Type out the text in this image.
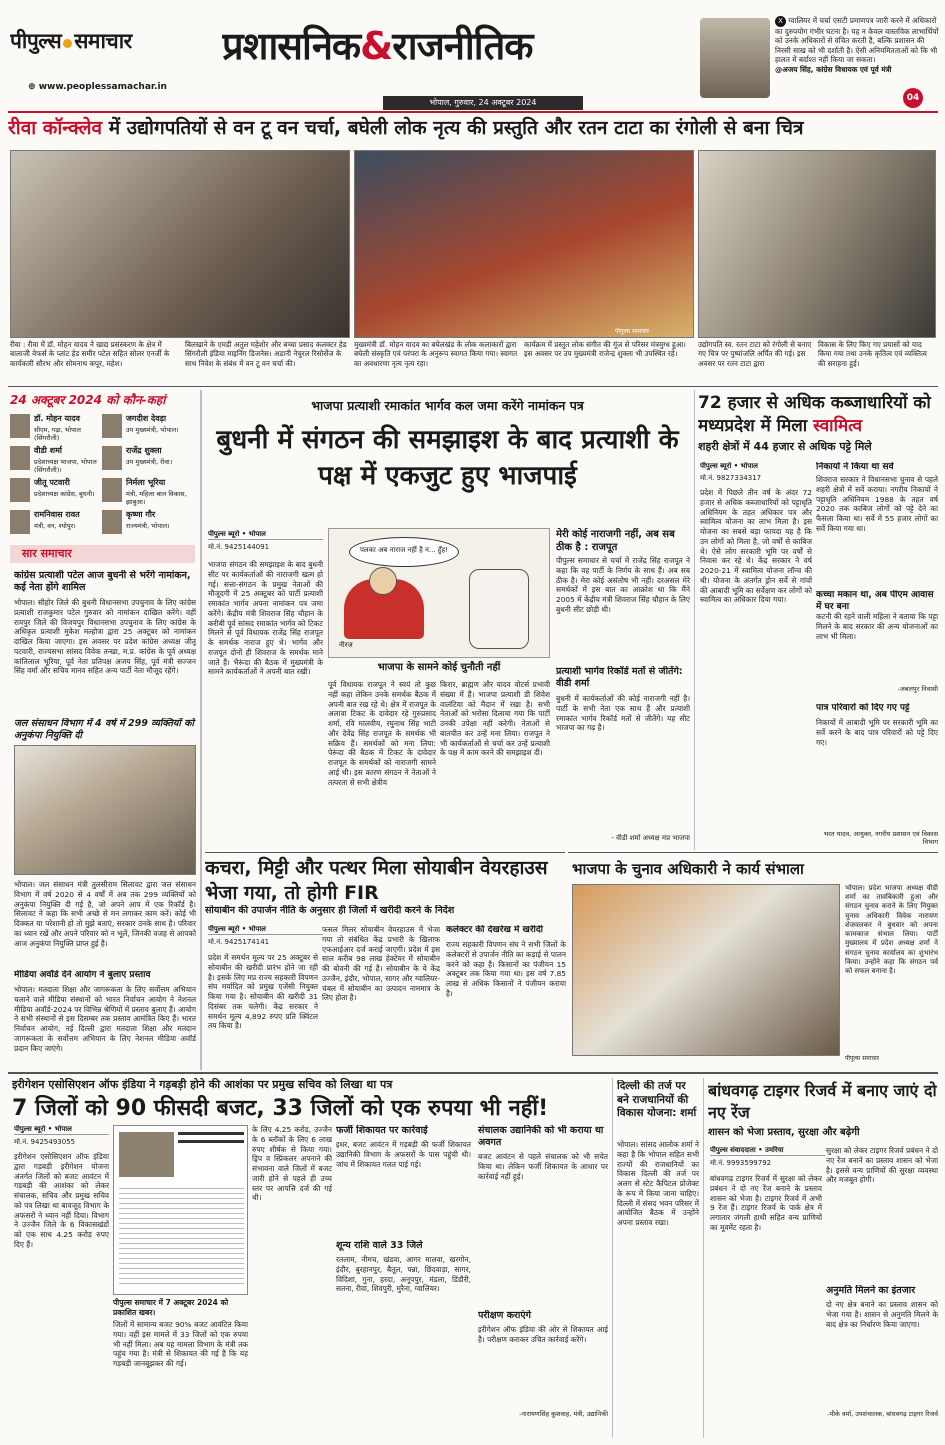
पीपुल्स समाचार
⊕ www.peoplessamachar.in
प्रशासनिक&राजनीतिक
भोपाल, गुरुवार, 24 अक्टूबर 2024
X ग्वालियर में चर्चा एसटी प्रमाणपत्र जारी करने में अधिकारों का दुरुपयोग गंभीर घटना है। यह न केवल वास्तविक लाभार्थियों को उनके अधिकारों से वंचित करती है, बल्कि प्रशासन की निरसी साख को भी दर्शाती है। ऐसी अनियमितताओं को कि भी हालत में बर्दाश्त नहीं किया जा सकता।
@अजय सिंह, कांग्रेस विधायक एवं पूर्व मंत्री
04
रीवा कॉन्क्लेव में उद्योगपतियों से वन टू वन चर्चा, बघेली लोक नृत्य की प्रस्तुति और रतन टाटा का रंगोली से बना चित्र
पीपुल्स समाचार
रीवा : रीवा में डॉ. मोहन यादव ने खाद्य प्रसंस्करण के क्षेत्र में बालाजी वेफर्स के प्लांट हेड समीर पटेल सहित सोलर एनर्जी के कार्यकारी सौरभ और सोमनाथ कपूर, महेश।
बिलखाने के एमडी अतुल महेशोर और बच्चा प्रसाद कलक्टर हेड सिंगरौली इंडिया माइनिंग डिजनेस। अडानी नेचुरल रिसोर्सेज के साथ निवेश के संबंध में वन टू वन चर्चा की।
मुख्यमंत्री डॉ. मोहन यादव का बघेलखंड के लोक कलाकारों द्वारा बघेली संस्कृति एवं परंपरा के अनुरूप स्वागत किया गया। स्वागत का अवधारणा नृत्य नृत्य रहा।
कार्यक्रम में प्रस्तुत लोक संगीत की गूंज से परिसर मंत्रमुग्ध हुआ। इस अवसर पर उप मुख्यमंत्री राजेन्द्र शुक्ला भी उपस्थित रहे।
उद्योगपति स्व. रतन टाटा को रंगोली से बनाए गए चित्र पर पुष्पांजलि अर्पित की गई। इस अवसर पर रतन टाटा द्वारा
विकास के लिए किए गए प्रयासों को याद किया गया तथा उनके कृतित्व एवं व्यक्तित्व की सराहना हुई।
24 अक्टूबर 2024 को कौन-कहां
डॉ. मोहन यादव
सीएम, गढ़ा, भोपाल (सिंगरौली)
जगदीश देवड़ा
उप मुख्यमंत्री, भोपाल।
वीडी शर्मा
प्रदेशाध्यक्ष भाजपा, भोपाल (सिंगरौली)।
राजेंद्र शुक्ला
उप मुख्यमंत्री, रीवा।
जीतू पटवारी
प्रदेशाध्यक्ष कांग्रेस, बुधनी।
निर्मला भूरिया
मंत्री, महिला बाल विकास, झाबुआ।
रामनिवास रावत
मंत्री, वन, श्योपुर।
कृष्णा गौर
राज्यमंत्री, भोपाल।
सार समाचार
कांग्रेस प्रत्याशी पटेल आज बुधनी से भरेंगे नामांकन, कई नेता होंगे शामिल
भोपाल। सीहोर जिले की बुधनी विधानसभा उपचुनाव के लिए कांग्रेस प्रत्याशी राजकुमार पटेल गुरुवार को नामांकन दाखिल करेंगे। वहीं रायपुर जिले की विजयपुर विधानसभा उपचुनाव के लिए कांग्रेस के अधिकृत प्रत्याशी मुकेश मल्होत्रा द्वारा 25 अक्टूबर को नामांकन दाखिल किया जाएगा। इस अवसर पर प्रदेश कांग्रेस अध्यक्ष जीतू पटवारी, राज्यसभा सांसद विवेक तन्खा, म.प्र. कांग्रेस के पूर्व अध्यक्ष कांतिलाल भूरिया, पूर्व नेता प्रतिपक्ष अजय सिंह, पूर्व मंत्री सज्जन सिंह वर्मा और सचिव मानव सहित अन्य पार्टी नेता मौजूद रहेंगे।
जल संसाधन विभाग में 4 वर्ष में 299 व्यक्तियों को अनुकंपा नियुक्ति दी
भोपाल। जल संसाधन मंत्री तुलसीराम सिलावट द्वारा जल संसाधन विभाग में वर्ष 2020 से 4 वर्षों में अब तक 299 व्यक्तियों को अनुकंपा नियुक्ति दी गई है, जो अपने आप में एक रिकॉर्ड है। सिलावट ने कहा कि सभी अच्छे से मन लगाकर काम करें। कोई भी दिक्कत या परेशानी हो तो मुझे बताएं, सरकार उनके साथ है। परिवार का ध्यान रखें और अपने परिवार को न भूलें, जिनकी वजह से आपको आज अनुकंपा नियुक्ति प्राप्त हुई है।
मीडिया अवॉर्ड देने आयोग ने बुलाए प्रस्ताव
भोपाल। मतदाता शिक्षा और जागरूकता के लिए सर्वोत्तम अभियान चलाने वाले मीडिया संस्थानों को भारत निर्वाचन आयोग ने नेशनल मीडिया अवॉर्ड-2024 पर विभिन्न श्रेणियों में प्रस्ताव बुलाए हैं। आयोग ने सभी संस्थानों से इस दिसम्बर तक प्रस्ताव आमंत्रित किए हैं। भारत निर्वाचन आयोग, नई दिल्ली द्वारा मतदाता शिक्षा और मतदान जागरूकता के सर्वोत्तम अभियान के लिए नेशनल मीडिया अवॉर्ड प्रदान किए जाएंगे।
भाजपा प्रत्याशी रमाकांत भार्गव कल जमा करेंगे नामांकन पत्र
बुधनी में संगठन की समझाइश के बाद प्रत्याशी के पक्ष में एकजुट हुए भाजपाई
पीपुल्स ब्यूरो • भोपाल
मो.नं. 9425144091
भाजपा संगठन की समझाइश के बाद बुधनी सीट पर कार्यकर्ताओं की नाराजगी खत्म हो गई। सत्ता-संगठन के प्रमुख नेताओं की मौजूदगी में 25 अक्टूबर को पार्टी प्रत्याशी रमाकांत भार्गव अपना नामांकन पत्र जमा करेंगे। केंद्रीय मंत्री शिवराज सिंह चौहान के करीबी पूर्व सांसद रमाकांत भार्गव को टिकट मिलने से पूर्व विधायक राजेंद्र सिंह राजपूत के समर्थक नाराज हुए थे। भार्गव और राजपूत दोनों ही शिवराज के समर्थक माने जाते हैं। भैरूंदा की बैठक में मुख्यमंत्री के सामने कार्यकर्ताओं ने अपनी बात रखी।
पलका अब नाराज नहीं है न... हुँह!
नीरज
भाजपा के सामने कोई चुनौती नहीं
पूर्व विधायक राजपूत ने स्वयं तो कुछ नहीं कहा लेकिन उनके समर्थक बैठक में अपनी बात रख रहे थे। क्षेत्र में राजपूत के अलावा टिकट के दावेदार रहे गुरुप्रसाद शर्मा, रवि मालवीय, रघुनाथ सिंह भाटी और देवेंद्र सिंह राजपूत के समर्थक भी सक्रिय हैं। समर्थकों को मना लिया: पेरूंदा की बैठक में टिकट के दावेदार राजपूत के समर्थकों को नाराजगी सामने आई थी। इस कारण संगठन ने नेताओं ने तत्परता से सभी क्षेत्रीय
किरार, ब्राह्मण और यादव वोटर्स प्रभावी संख्या में हैं। भाजपा प्रत्याशी डी शिवेश वालंटिया को मैदान में रखा है। सभी नेताओं को भरोसा दिलाया गया कि पार्टी उनकी उपेक्षा नहीं करेगी। नेताओं से बातचीत कर उन्हें मना लिया। राजपूत ने भी कार्यकर्ताओं से चर्चा कर उन्हें प्रत्याशी के पक्ष में काम करने की समझाइश दी।
मेरी कोई नाराजगी नहीं, अब सब ठीक है : राजपूत
पीपुल्स समाचार से चर्चा में राजेंद्र सिंह राजपूत ने कहा कि वह पार्टी के निर्णय के साथ हैं। अब सब ठीक है। मेरा कोई असंतोष भी नहीं। दरअसल मेरे समर्थकों में इस बात का आक्रोश था कि मैंने 2005 में केंद्रीय मंत्री शिवराज सिंह चौहान के लिए बुधनी सीट छोड़ी थी।
प्रत्याशी भार्गव रिकॉर्ड मतों से जीतेंगे: वीडी शर्मा
बुधनी में कार्यकर्ताओं की कोई नाराजगी नहीं है। पार्टी के सभी नेता एक साथ हैं और प्रत्याशी रमाकांत भार्गव रिकॉर्ड मतों से जीतेंगे। यह सीट भाजपा का गढ़ है।
- वीडी शर्मा अध्यक्ष मप्र भाजपा
72 हजार से अधिक कब्जाधारियों को मध्यप्रदेश में मिला स्वामित्व
शहरी क्षेत्रों में 44 हजार से अधिक पट्टे मिले
पीपुल्स ब्यूरो • भोपाल
मो.नं. 9827334317
प्रदेश में पिछले तीन वर्ष के अंदर 72 हजार से अधिक कब्जाधारियों को पट्टाधृति अधिनियम के तहत अधिकार पत्र और स्वामित्व योजना का लाभ मिला है। इस योजना का सबसे बड़ा फायदा यह है कि उन लोगों को मिला है, जो वर्षों से काबिज थे। ऐसे लोग सरकारी भूमि पर वर्षों से निवास कर रहे थे। केंद्र सरकार ने वर्ष 2020-21 में स्वामित्व योजना लॉन्च की थी। योजना के अंतर्गत ड्रोन सर्वे से गांवों की आबादी भूमि का सर्वेक्षण कर लोगों को स्वामित्व का अधिकार दिया गया।
निकायों ने किया था सर्वे
शिवराज सरकार ने विधानसभा चुनाव से पहले शहरी क्षेत्रों में सर्वे कराया। नगरीय निकायों ने पट्टाधृति अधिनियम 1988 के तहत वर्ष 2020 तक काबिज लोगों को पट्टे देने का फैसला किया था। सर्वे में 55 हजार लोगों का सर्वे किया गया था।
कच्चा मकान था, अब पीएम आवास में घर बना
कटनी की रहने वाली महिला ने बताया कि पट्टा मिलने के बाद सरकार की अन्य योजनाओं का लाभ भी मिला।
-जबलपुर निवासी
पात्र परिवारों को दिए गए पट्टे
निकायों में आबादी भूमि पर सरकारी भूमि का सर्वे करने के बाद पात्र परिवारों को पट्टे दिए गए।
भरत यादव, आयुक्त, नगरीय प्रशासन एवं विकास विभाग
कचरा, मिट्टी और पत्थर मिला सोयाबीन वेयरहाउस भेजा गया, तो होगी FIR
सोयाबीन की उपार्जन नीति के अनुसार ही जिलों में खरीदी करने के निर्देश
पीपुल्स ब्यूरो • भोपाल
मो.नं. 9425174141
प्रदेश में समर्थन मूल्य पर 25 अक्टूबर से सोयाबीन की खरीदी प्रारंभ होने जा रही है। इसके लिए मप्र राज्य सहकारी विपणन संघ मर्यादित को प्रमुख एजेंसी नियुक्त किया गया है। सोयाबीन की खरीदी 31 दिसंबर तक चलेगी। केंद्र सरकार ने समर्थन मूल्य 4,892 रुपए प्रति क्विंटल तय किया है।
फसल मिलर सोयाबीन वेयरहाउस में भेजा गया तो संबंधित केंद्र प्रभारी के खिलाफ एफआईआर दर्ज कराई जाएगी। प्रदेश में इस साल करीब 98 लाख हेक्टेयर में सोयाबीन की बोवनी की गई है। सोयाबीन के ये केंद्र उज्जैन, इंदौर, भोपाल, सागर और ग्वालियर-चंबल में सोयाबीन का उत्पादन नाममात्र के लिए होता है।
कलेक्टर की देखरेख में खरीदी
राज्य सहकारी विपणन संघ ने सभी जिलों के कलेक्टरों से उपार्जन नीति का कड़ाई से पालन करने को कहा है। किसानों का पंजीयन 15 अक्टूबर तक किया गया था। इस वर्ष 7.85 लाख से अधिक किसानों ने पंजीयन कराया है।
भाजपा के चुनाव अधिकारी ने कार्य संभाला
पीपुल्स समाचार
भोपाल। प्रदेश भाजपा अध्यक्ष वीडी शर्मा का तावबिकारी हुआ और संगठन चुनाव कराने के लिए नियुक्त चुनाव अधिकारी विवेक नारायण शेजवलकर ने बुधवार को अपना कामकाज संभाल लिया। पार्टी मुख्यालय में प्रदेश अध्यक्ष शर्मा ने संगठन चुनाव कार्यालय का शुभारंभ किया। उन्होंने कहा कि संगठन पर्व को सफल बनाना है।
इरीगेशन एसोसिएशन ऑफ इंडिया ने गड़बड़ी होने की आशंका पर प्रमुख सचिव को लिखा था पत्र
7 जिलों को 90 फीसदी बजट, 33 जिलों को एक रुपया भी नहीं!
पीपुल्स ब्यूरो • भोपाल
मो.नं. 9425493055
इरीगेशन एसोसिएशन ऑफ इंडिया द्वारा गड़बड़ी इरीगेशन योजना अंतर्गत जिलों को बजट आवंटन में गड़बड़ी की आशंका को लेकर संचालक, सचिव और प्रमुख सचिव को पत्र लिखा था बावजूद विभाग के अफसरों ने ध्यान नहीं दिया। विभाग ने उज्जैन जिले के 6 विकासखंडों को एक साथ 4.25 करोड़ रुपए दिए हैं।
पीपुल्स समाचार में 7 अक्टूबर 2024 को प्रकाशित खबर।
जिलों में सामान्य बजट 90% बजट आवंटित किया गया। वहीं इस मामले में 33 जिलों को एक रुपया भी नहीं मिला। अब यह मामला विभाग के मंत्री तक पहुंच गया है। मंत्री से शिकायत की गई है कि यह गड़बड़ी जानबूझकर की गई।
के लिए 4.25 करोड़, उज्जैन के 6 ब्लॉकों के लिए 6 लाख रुपए शीर्षक से किया गया। ड्रिप व स्प्रिंकलर अपनाने की संभावना वाले जिलों में बजट जारी होने से पहले ही उच्च स्तर पर आपत्ति दर्ज की गई थी।
फर्जी शिकायत पर कार्रवाई
इधर, बजट आवंटन में गड़बड़ी की फर्जी शिकायत उद्यानिकी विभाग के अफसरों के पास पहुंची थी। जांच में शिकायत गलत पाई गई।
शून्य राशि वाले 33 जिले
रतलाम, नीमच, खंडवा, आगर मालवा, खरगोन, इंदौर, बुरहानपुर, बैतूल, पन्ना, छिंदवाड़ा, सागर, विदिशा, गुना, हरदा, अनूपपुर, मंडला, डिंडौरी, सतना, रीवा, शिवपुरी, मुरैना, ग्वालियर।
संचालक उद्यानिकी को भी कराया था अवगत
बजट आवंटन से पहले संचालक को भी सचेत किया था। लेकिन फर्जी शिकायत के आधार पर कार्रवाई नहीं हुई।
परीक्षण कराएंगे
इरीगेशन ऑफ इंडिया की ओर से शिकायत आई है। परीक्षण कराकर उचित कार्रवाई करेंगे।
-नारायणसिंह कुशवाह, मंत्री, उद्यानिकी
दिल्ली की तर्ज पर बने राजधानियों की विकास योजना: शर्मा
भोपाल। सांसद आलोक शर्मा ने कहा है कि भोपाल सहित सभी राज्यों की राजधानियों का विकास दिल्ली की तर्ज पर अलग से स्टेट कैपिटल प्रोजेक्ट के रूप में किया जाना चाहिए। दिल्ली में संसद भवन परिसर में आयोजित बैठक में उन्होंने अपना प्रस्ताव रखा।
बांधवगढ़ टाइगर रिजर्व में बनाए जाएं दो नए रेंज
शासन को भेजा प्रस्ताव, सुरक्षा और बढ़ेगी
पीपुल्स संवाददाता • उमरिया
मो.नं. 9993599792
बांधवगढ़ टाइगर रिजर्व में सुरक्षा को लेकर प्रबंधन ने दो नए रेंज बनाने के प्रस्ताव शासन को भेजा है। टाइगर रिजर्व में अभी 9 रेंज हैं। टाइगर रिजर्व के पार्क क्षेत्र में लगातार जंगली हाथी सहित वन्य प्राणियों का मूवमेंट रहता है।
सुरक्षा को लेकर टाइगर रिजर्व प्रबंधन ने दो नए रेंज बनाने का प्रस्ताव शासन को भेजा है। इससे वन्य प्राणियों की सुरक्षा व्यवस्था और मजबूत होगी।
अनुमति मिलने का इंतजार
दो नए क्षेत्र बनाने का प्रस्ताव शासन को भेजा गया है। शासन से अनुमति मिलने के बाद क्षेत्र का निर्धारण किया जाएगा।
-पीके वर्मा, उपसंचालक, बांधवगढ़ टाइगर रिजर्व
